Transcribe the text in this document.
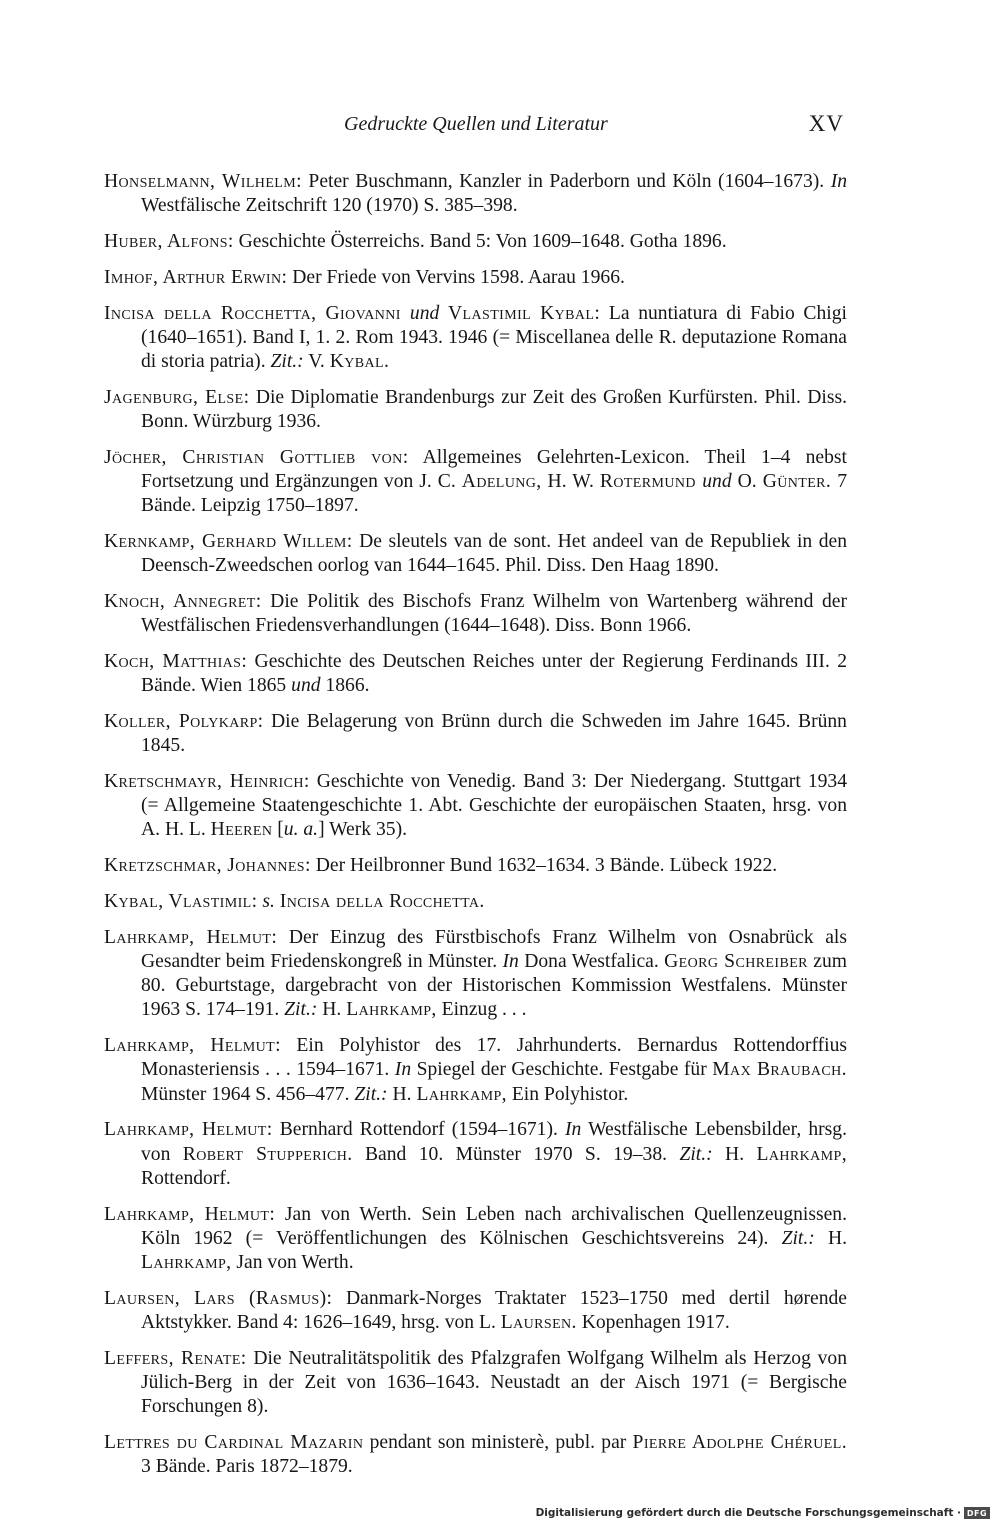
Gedruckte Quellen und Literatur	XV

Honselmann, Wilhelm: Peter Buschmann, Kanzler in Paderborn und Köln (1604–1673). In Westfälische Zeitschrift 120 (1970) S. 385–398.

Huber, Alfons: Geschichte Österreichs. Band 5: Von 1609–1648. Gotha 1896.

Imhof, Arthur Erwin: Der Friede von Vervins 1598. Aarau 1966.

Incisa della Rocchetta, Giovanni und Vlastimil Kybal: La nuntiatura di Fabio Chigi (1640–1651). Band I, 1. 2. Rom 1943. 1946 (= Miscellanea delle R. deputazione Romana di storia patria). Zit.: V. Kybal.

Jagenburg, Else: Die Diplomatie Brandenburgs zur Zeit des Großen Kurfürsten. Phil. Diss. Bonn. Würzburg 1936.

Jöcher, Christian Gottlieb von: Allgemeines Gelehrten-Lexicon. Theil 1–4 nebst Fortsetzung und Ergänzungen von J. C. Adelung, H. W. Rotermund und O. Günter. 7 Bände. Leipzig 1750–1897.

Kernkamp, Gerhard Willem: De sleutels van de sont. Het andeel van de Republiek in den Deensch-Zweedschen oorlog van 1644–1645. Phil. Diss. Den Haag 1890.

Knoch, Annegret: Die Politik des Bischofs Franz Wilhelm von Wartenberg während der Westfälischen Friedensverhandlungen (1644–1648). Diss. Bonn 1966.

Koch, Matthias: Geschichte des Deutschen Reiches unter der Regierung Ferdinands III. 2 Bände. Wien 1865 und 1866.

Koller, Polykarp: Die Belagerung von Brünn durch die Schweden im Jahre 1645. Brünn 1845.

Kretschmayr, Heinrich: Geschichte von Venedig. Band 3: Der Niedergang. Stuttgart 1934 (= Allgemeine Staatengeschichte 1. Abt. Geschichte der europäischen Staaten, hrsg. von A. H. L. Heeren [u. a.] Werk 35).

Kretzschmar, Johannes: Der Heilbronner Bund 1632–1634. 3 Bände. Lübeck 1922.

Kybal, Vlastimil: s. Incisa della Rocchetta.

Lahrkamp, Helmut: Der Einzug des Fürstbischofs Franz Wilhelm von Osnabrück als Gesandter beim Friedenskongreß in Münster. In Dona Westfalica. Georg Schreiber zum 80. Geburtstage, dargebracht von der Historischen Kommission Westfalens. Münster 1963 S. 174–191. Zit.: H. Lahrkamp, Einzug . . .

Lahrkamp, Helmut: Ein Polyhistor des 17. Jahrhunderts. Bernardus Rottendorffius Monasteriensis . . . 1594–1671. In Spiegel der Geschichte. Festgabe für Max Braubach. Münster 1964 S. 456–477. Zit.: H. Lahrkamp, Ein Polyhistor.

Lahrkamp, Helmut: Bernhard Rottendorf (1594–1671). In Westfälische Lebensbilder, hrsg. von Robert Stupperich. Band 10. Münster 1970 S. 19–38. Zit.: H. Lahrkamp, Rottendorf.

Lahrkamp, Helmut: Jan von Werth. Sein Leben nach archivalischen Quellenzeugnissen. Köln 1962 (= Veröffentlichungen des Kölnischen Geschichtsvereins 24). Zit.: H. Lahrkamp, Jan von Werth.

Laursen, Lars (Rasmus): Danmark-Norges Traktater 1523–1750 med dertil hørende Aktstykker. Band 4: 1626–1649, hrsg. von L. Laursen. Kopenhagen 1917.

Leffers, Renate: Die Neutralitätspolitik des Pfalzgrafen Wolfgang Wilhelm als Herzog von Jülich-Berg in der Zeit von 1636–1643. Neustadt an der Aisch 1971 (= Bergische Forschungen 8).

Lettres du Cardinal Mazarin pendant son ministerè, publ. par Pierre Adolphe Chéruel. 3 Bände. Paris 1872–1879.

Digitalisierung gefördert durch die Deutsche Forschungsgemeinschaft · DFG
